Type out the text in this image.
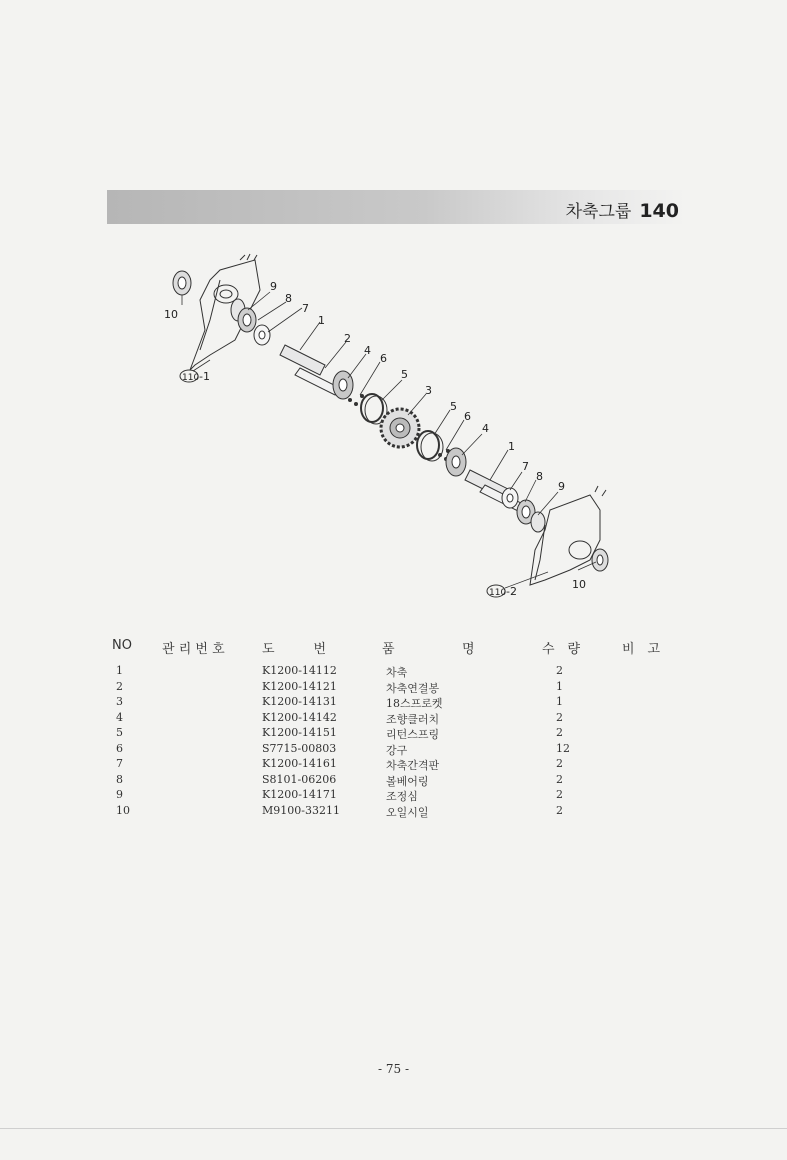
차축그룹 140
10
9
8
7
1
2
4
6
5
3
5
6
4
1
7
8
9
10
110 -1
110 -2
NO 관 리 번 호	도　　　번	품	명	수　량	비　고
1	K1200-14112	차축	2
2	K1200-14121	차축연결봉	1
3	K1200-14131	18스프로켓	1
4	K1200-14142	조향클러치	2
5	K1200-14151	리턴스프링	2
6	S7715-00803	강구	12
7	K1200-14161	차축간격판	2
8	S8101-06206	볼베어링	2
9	K1200-14171	조정심	2
10	M9100-33211	오일시일	2
- 75 -
